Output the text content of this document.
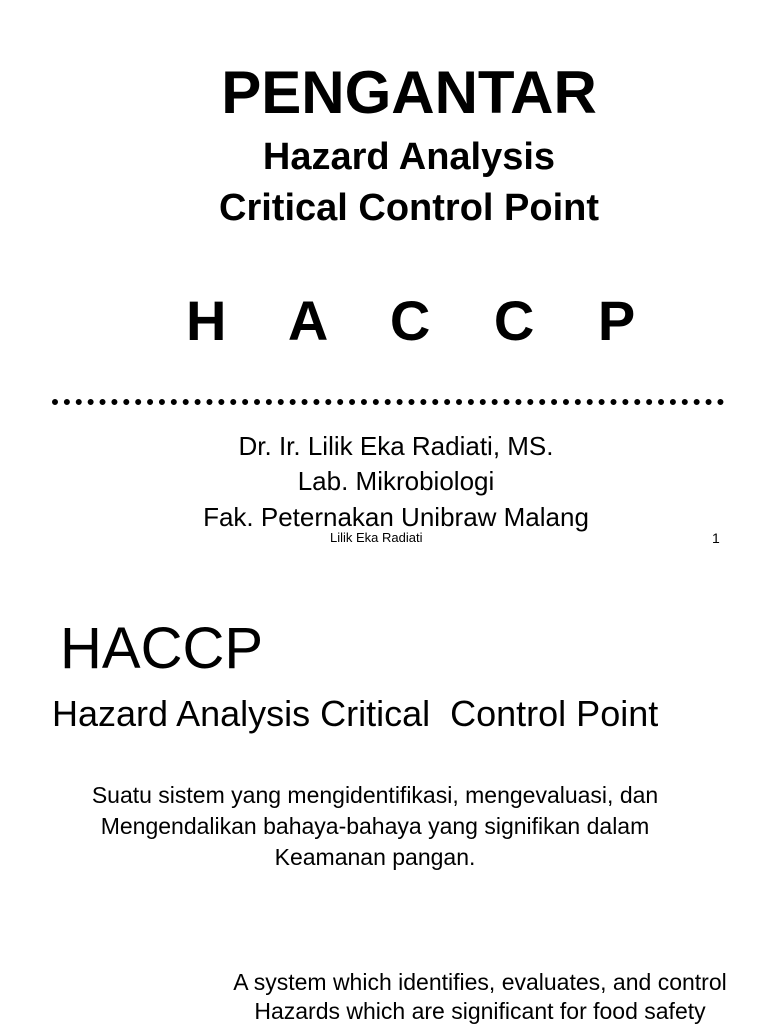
PENGANTAR
Hazard Analysis
Critical Control Point
H A C C P
Dr. Ir. Lilik Eka Radiati, MS.
Lab. Mikrobiologi
Fak. Peternakan Unibraw Malang
Lilik Eka Radiati	1
HACCP
Hazard Analysis Critical  Control Point
Suatu sistem yang mengidentifikasi, mengevaluasi, dan
Mengendalikan bahaya-bahaya yang signifikan dalam
Keamanan pangan.
A system which identifies, evaluates, and control
Hazards which are significant for food safety
